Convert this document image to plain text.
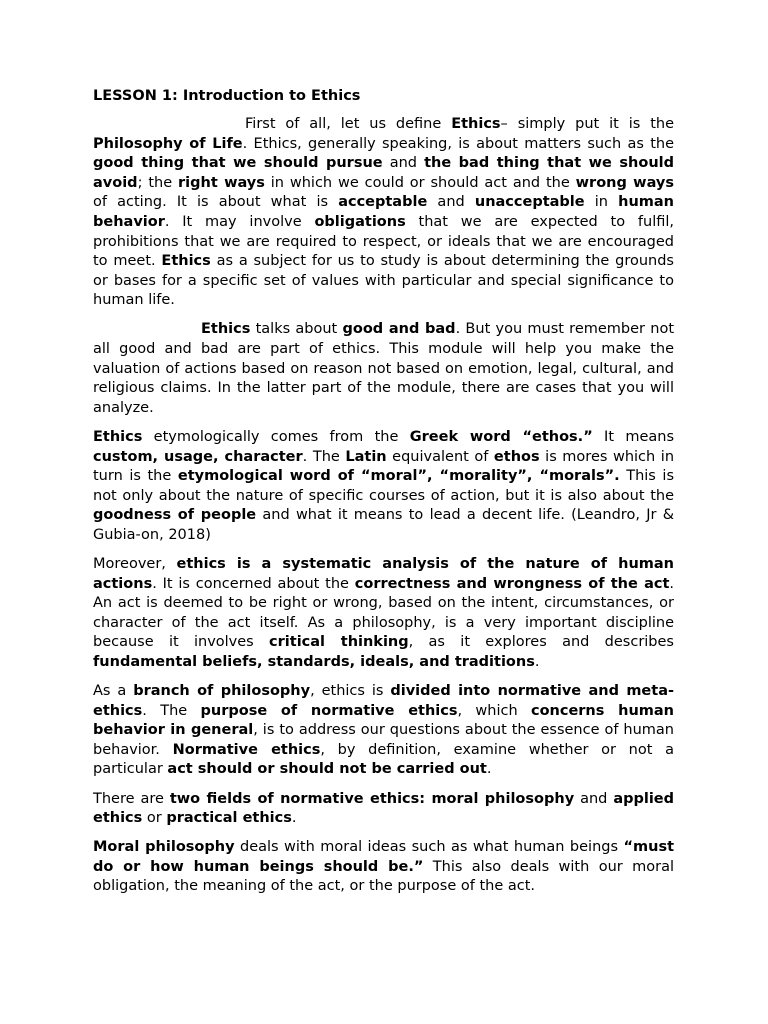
LESSON 1: Introduction to Ethics

First of all, let us define Ethics– simply put it is the Philosophy of Life. Ethics, generally speaking, is about matters such as the good thing that we should pursue and the bad thing that we should avoid; the right ways in which we could or should act and the wrong ways of acting. It is about what is acceptable and unacceptable in human behavior. It may involve obligations that we are expected to fulfil, prohibitions that we are required to respect, or ideals that we are encouraged to meet. Ethics as a subject for us to study is about determining the grounds or bases for a specific set of values with particular and special significance to human life.

Ethics talks about good and bad. But you must remember not all good and bad are part of ethics. This module will help you make the valuation of actions based on reason not based on emotion, legal, cultural, and religious claims. In the latter part of the module, there are cases that you will analyze.

Ethics etymologically comes from the Greek word “ethos.” It means custom, usage, character. The Latin equivalent of ethos is mores which in turn is the etymological word of “moral”, “morality”, “morals”. This is not only about the nature of specific courses of action, but it is also about the goodness of people and what it means to lead a decent life. (Leandro, Jr & Gubia-on, 2018)

Moreover, ethics is a systematic analysis of the nature of human actions. It is concerned about the correctness and wrongness of the act. An act is deemed to be right or wrong, based on the intent, circumstances, or character of the act itself. As a philosophy, is a very important discipline because it involves critical thinking, as it explores and describes fundamental beliefs, standards, ideals, and traditions.

As a branch of philosophy, ethics is divided into normative and meta-ethics. The purpose of normative ethics, which concerns human behavior in general, is to address our questions about the essence of human behavior. Normative ethics, by definition, examine whether or not a particular act should or should not be carried out.

There are two fields of normative ethics: moral philosophy and applied ethics or practical ethics.

Moral philosophy deals with moral ideas such as what human beings “must do or how human beings should be.” This also deals with our moral obligation, the meaning of the act, or the purpose of the act.
